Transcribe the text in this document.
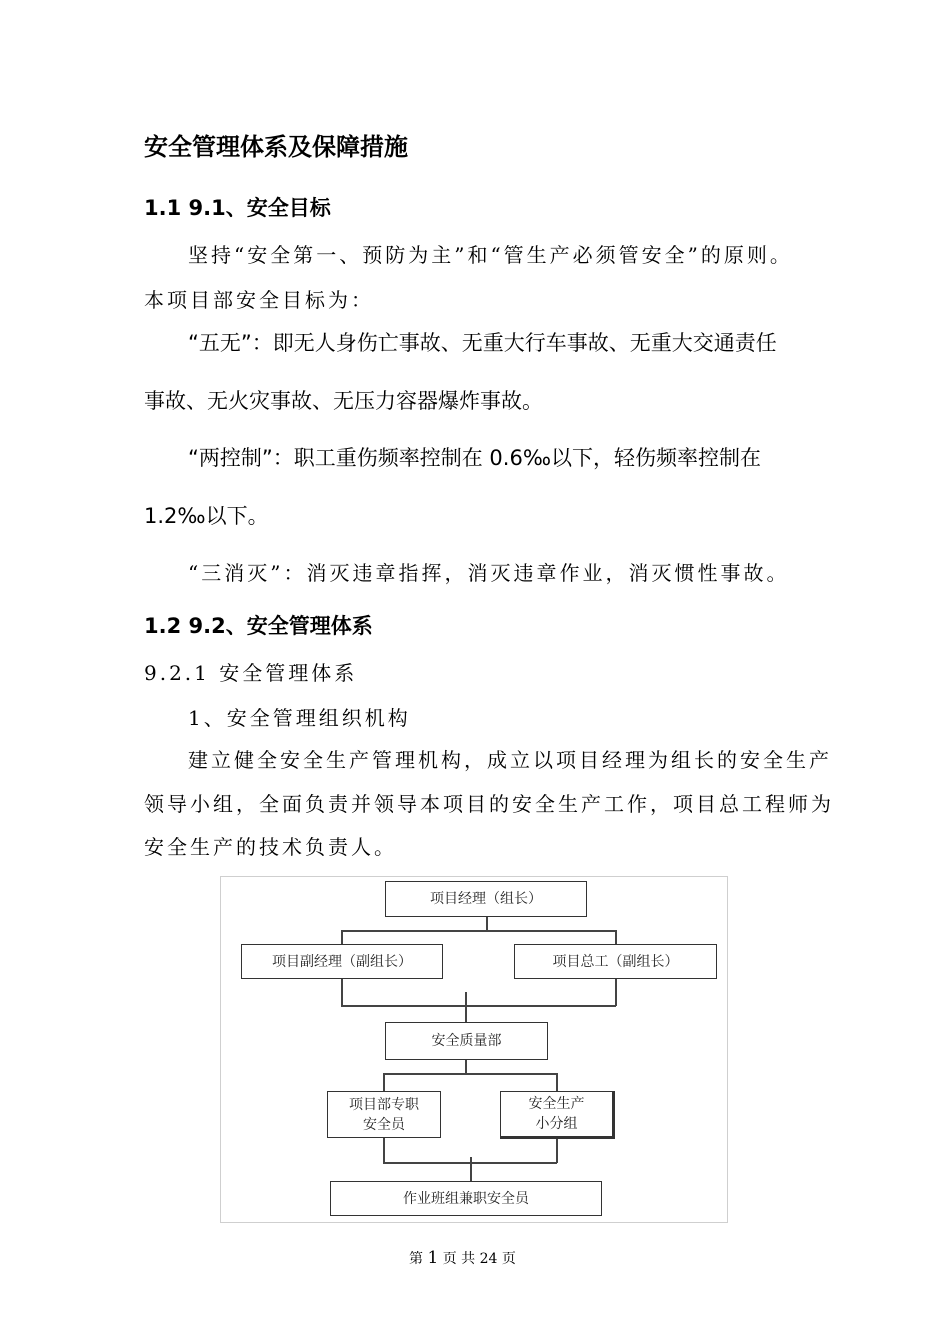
安全管理体系及保障措施
1.1 9.1、安全目标
坚持“安全第一、预防为主”和“管生产必须管安全”的原则。
本项目部安全目标为：
“五无”：即无人身伤亡事故、无重大行车事故、无重大交通责任
事故、无火灾事故、无压力容器爆炸事故。
“两控制”：职工重伤频率控制在 0.6‰以下，轻伤频率控制在
1.2‰以下。
“三消灭”：消灭违章指挥，消灭违章作业，消灭惯性事故。
1.2 9.2、安全管理体系
9.2.1 安全管理体系
1、安全管理组织机构
建立健全安全生产管理机构，成立以项目经理为组长的安全生产
领导小组，全面负责并领导本项目的安全生产工作，项目总工程师为
安全生产的技术负责人。
项目经理（组长）
项目副经理（副组长）	项目总工（副组长）
安全质量部
项目部专职
安全员
安全生产
小分组
作业班组兼职安全员
第 1 页 共 24 页
